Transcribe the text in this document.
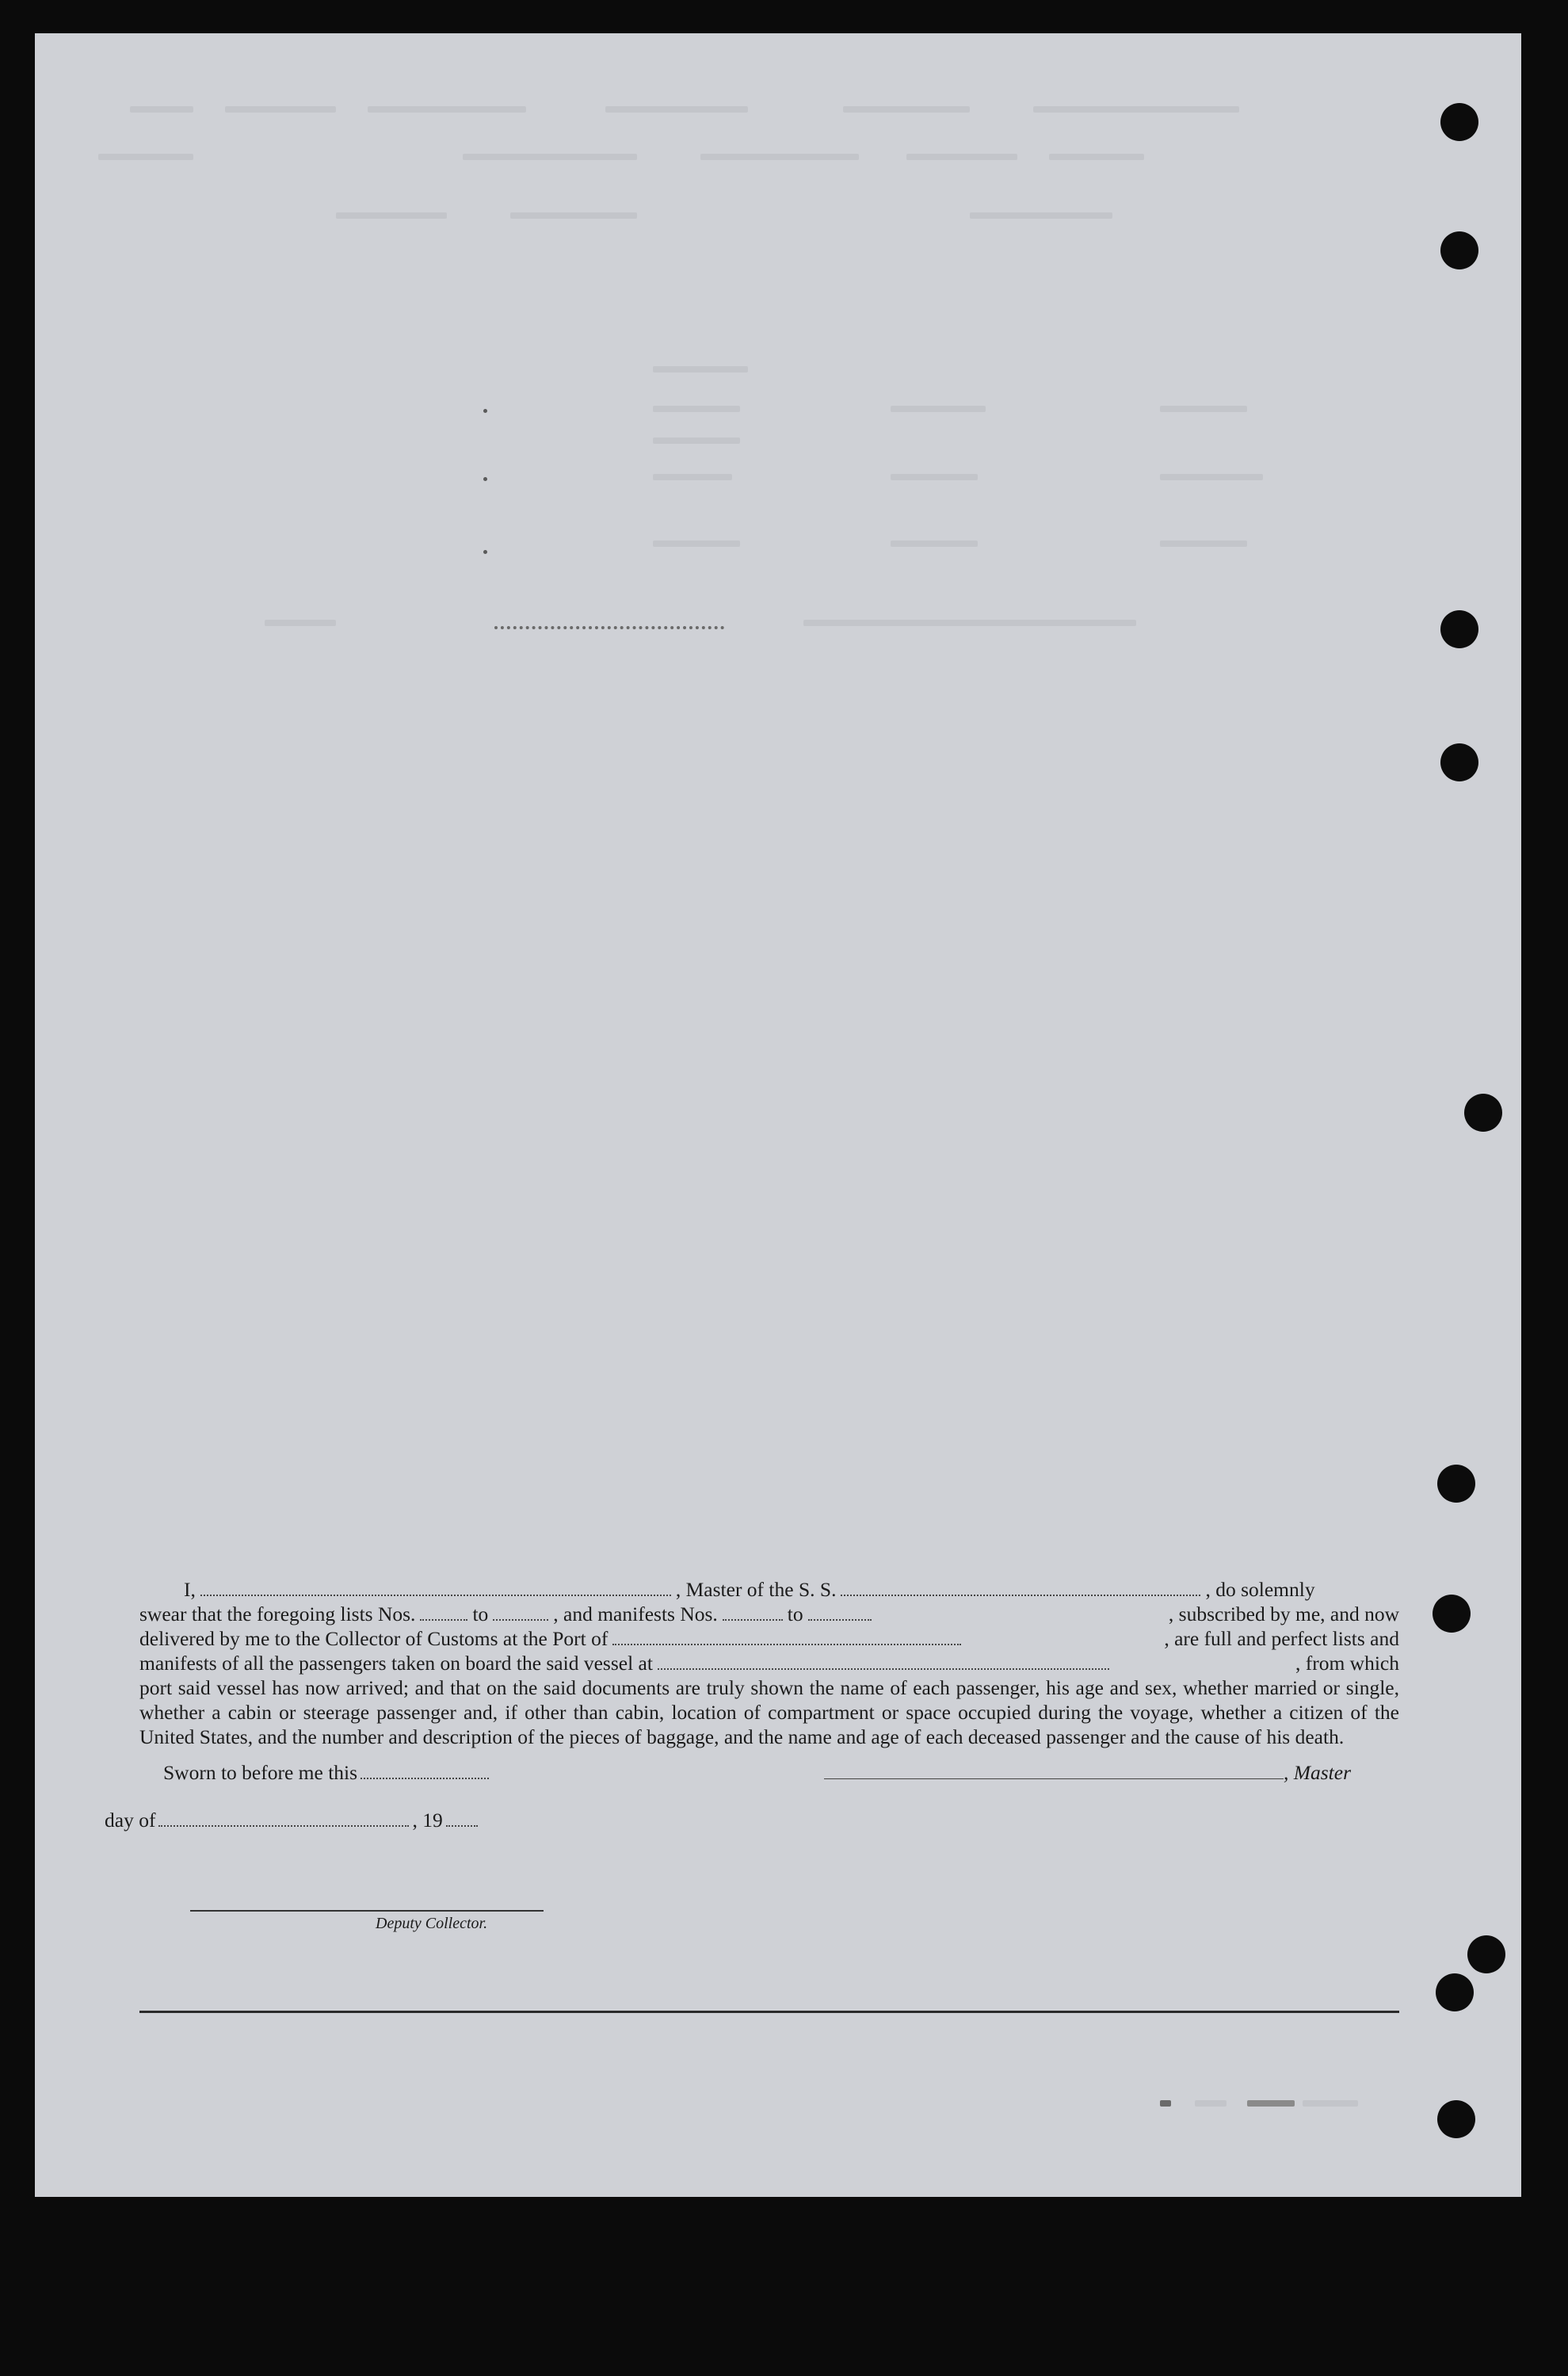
I,	, Master of the S. S.	, do solemnly

swear that the foregoing lists Nos.	to	, and manifests Nos.	to	, subscribed by me, and now

delivered by me to the Collector of Customs at the Port of	, are full and perfect lists and

manifests of all the passengers taken on board the said vessel at	, from which

port said vessel has now arrived; and that on the said documents are truly shown the name of each passenger, his age and sex, whether married or single, whether a cabin or steerage passenger and, if other than cabin, location of compartment or space occupied during the voyage, whether a citizen of the United States, and the number and description of the pieces of baggage, and the name and age of each deceased passenger and the cause of his death.

Sworn to before me this	, Master
day of	, 19
Deputy Collector.
